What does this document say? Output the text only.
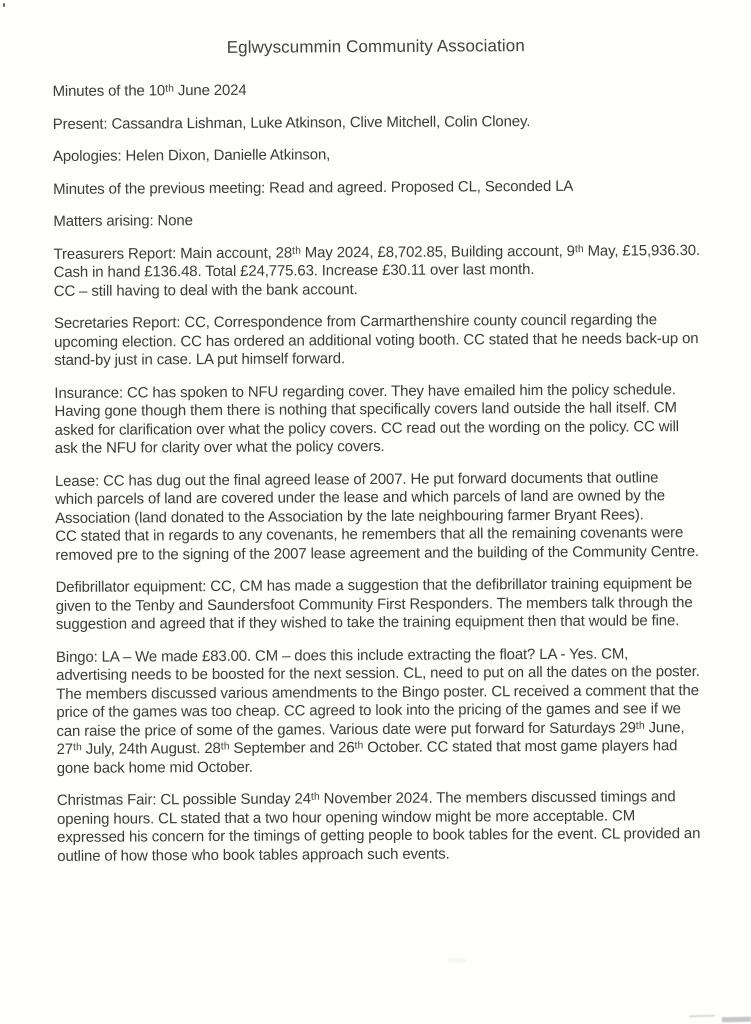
Eglwyscummin Community Association
Minutes of the 10ᵗʰ June 2024
Present: Cassandra Lishman, Luke Atkinson, Clive Mitchell, Colin Cloney.
Apologies: Helen Dixon, Danielle Atkinson,
Minutes of the previous meeting: Read and agreed. Proposed CL, Seconded LA
Matters arising: None
Treasurers Report: Main account, 28ᵗʰ May 2024, £8,702.85, Building account, 9ᵗʰ May, £15,936.30.
Cash in hand £136.48. Total £24,775.63. Increase £30.11 over last month.
CC – still having to deal with the bank account.
Secretaries Report: CC, Correspondence from Carmarthenshire county council regarding the
upcoming election. CC has ordered an additional voting booth. CC stated that he needs back-up on
stand-by just in case. LA put himself forward.
Insurance: CC has spoken to NFU regarding cover. They have emailed him the policy schedule.
Having gone though them there is nothing that specifically covers land outside the hall itself. CM
asked for clarification over what the policy covers. CC read out the wording on the policy. CC will
ask the NFU for clarity over what the policy covers.
Lease: CC has dug out the final agreed lease of 2007. He put forward documents that outline
which parcels of land are covered under the lease and which parcels of land are owned by the
Association (land donated to the Association by the late neighbouring farmer Bryant Rees).
CC stated that in regards to any covenants, he remembers that all the remaining covenants were
removed pre to the signing of the 2007 lease agreement and the building of the Community Centre.
Defibrillator equipment: CC, CM has made a suggestion that the defibrillator training equipment be
given to the Tenby and Saundersfoot Community First Responders. The members talk through the
suggestion and agreed that if they wished to take the training equipment then that would be fine.
Bingo: LA – We made £83.00. CM – does this include extracting the float? LA - Yes. CM,
advertising needs to be boosted for the next session. CL, need to put on all the dates on the poster.
The members discussed various amendments to the Bingo poster. CL received a comment that the
price of the games was too cheap. CC agreed to look into the pricing of the games and see if we
can raise the price of some of the games. Various date were put forward for Saturdays 29ᵗʰ June,
27ᵗʰ July, 24th August. 28ᵗʰ September and 26ᵗʰ October. CC stated that most game players had
gone back home mid October.
Christmas Fair: CL possible Sunday 24ᵗʰ November 2024. The members discussed timings and
opening hours. CL stated that a two hour opening window might be more acceptable. CM
expressed his concern for the timings of getting people to book tables for the event. CL provided an
outline of how those who book tables approach such events.
